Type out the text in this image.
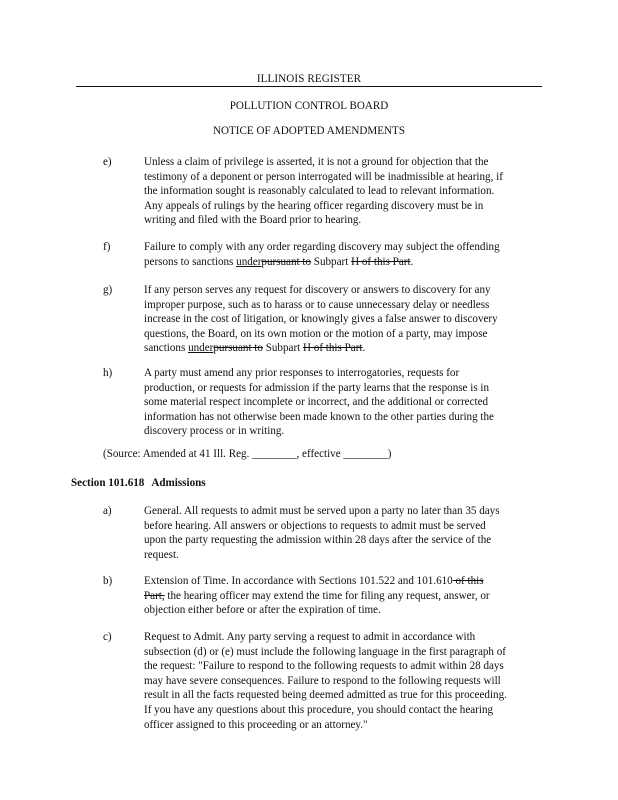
ILLINOIS REGISTER
POLLUTION CONTROL BOARD
NOTICE OF ADOPTED AMENDMENTS
e)	Unless a claim of privilege is asserted, it is not a ground for objection that the
testimony of a deponent or person interrogated will be inadmissible at hearing, if
the information sought is reasonably calculated to lead to relevant information.
Any appeals of rulings by the hearing officer regarding discovery must be in
writing and filed with the Board prior to hearing.
f)	Failure to comply with any order regarding discovery may subject the offending
persons to sanctions underpursuant to Subpart H of this Part.
g)	If any person serves any request for discovery or answers to discovery for any
improper purpose, such as to harass or to cause unnecessary delay or needless
increase in the cost of litigation, or knowingly gives a false answer to discovery
questions, the Board, on its own motion or the motion of a party, may impose
sanctions underpursuant to Subpart H of this Part.
h)	A party must amend any prior responses to interrogatories, requests for
production, or requests for admission if the party learns that the response is in
some material respect incomplete or incorrect, and the additional or corrected
information has not otherwise been made known to the other parties during the
discovery process or in writing.
(Source: Amended at 41 Ill. Reg. ________, effective ________)
Section 101.618 Admissions
a)	General. All requests to admit must be served upon a party no later than 35 days
before hearing. All answers or objections to requests to admit must be served
upon the party requesting the admission within 28 days after the service of the
request.
b)	Extension of Time. In accordance with Sections 101.522 and 101.610 of this
Part, the hearing officer may extend the time for filing any request, answer, or
objection either before or after the expiration of time.
c)	Request to Admit. Any party serving a request to admit in accordance with
subsection (d) or (e) must include the following language in the first paragraph of
the request: "Failure to respond to the following requests to admit within 28 days
may have severe consequences. Failure to respond to the following requests will
result in all the facts requested being deemed admitted as true for this proceeding.
If you have any questions about this procedure, you should contact the hearing
officer assigned to this proceeding or an attorney."
